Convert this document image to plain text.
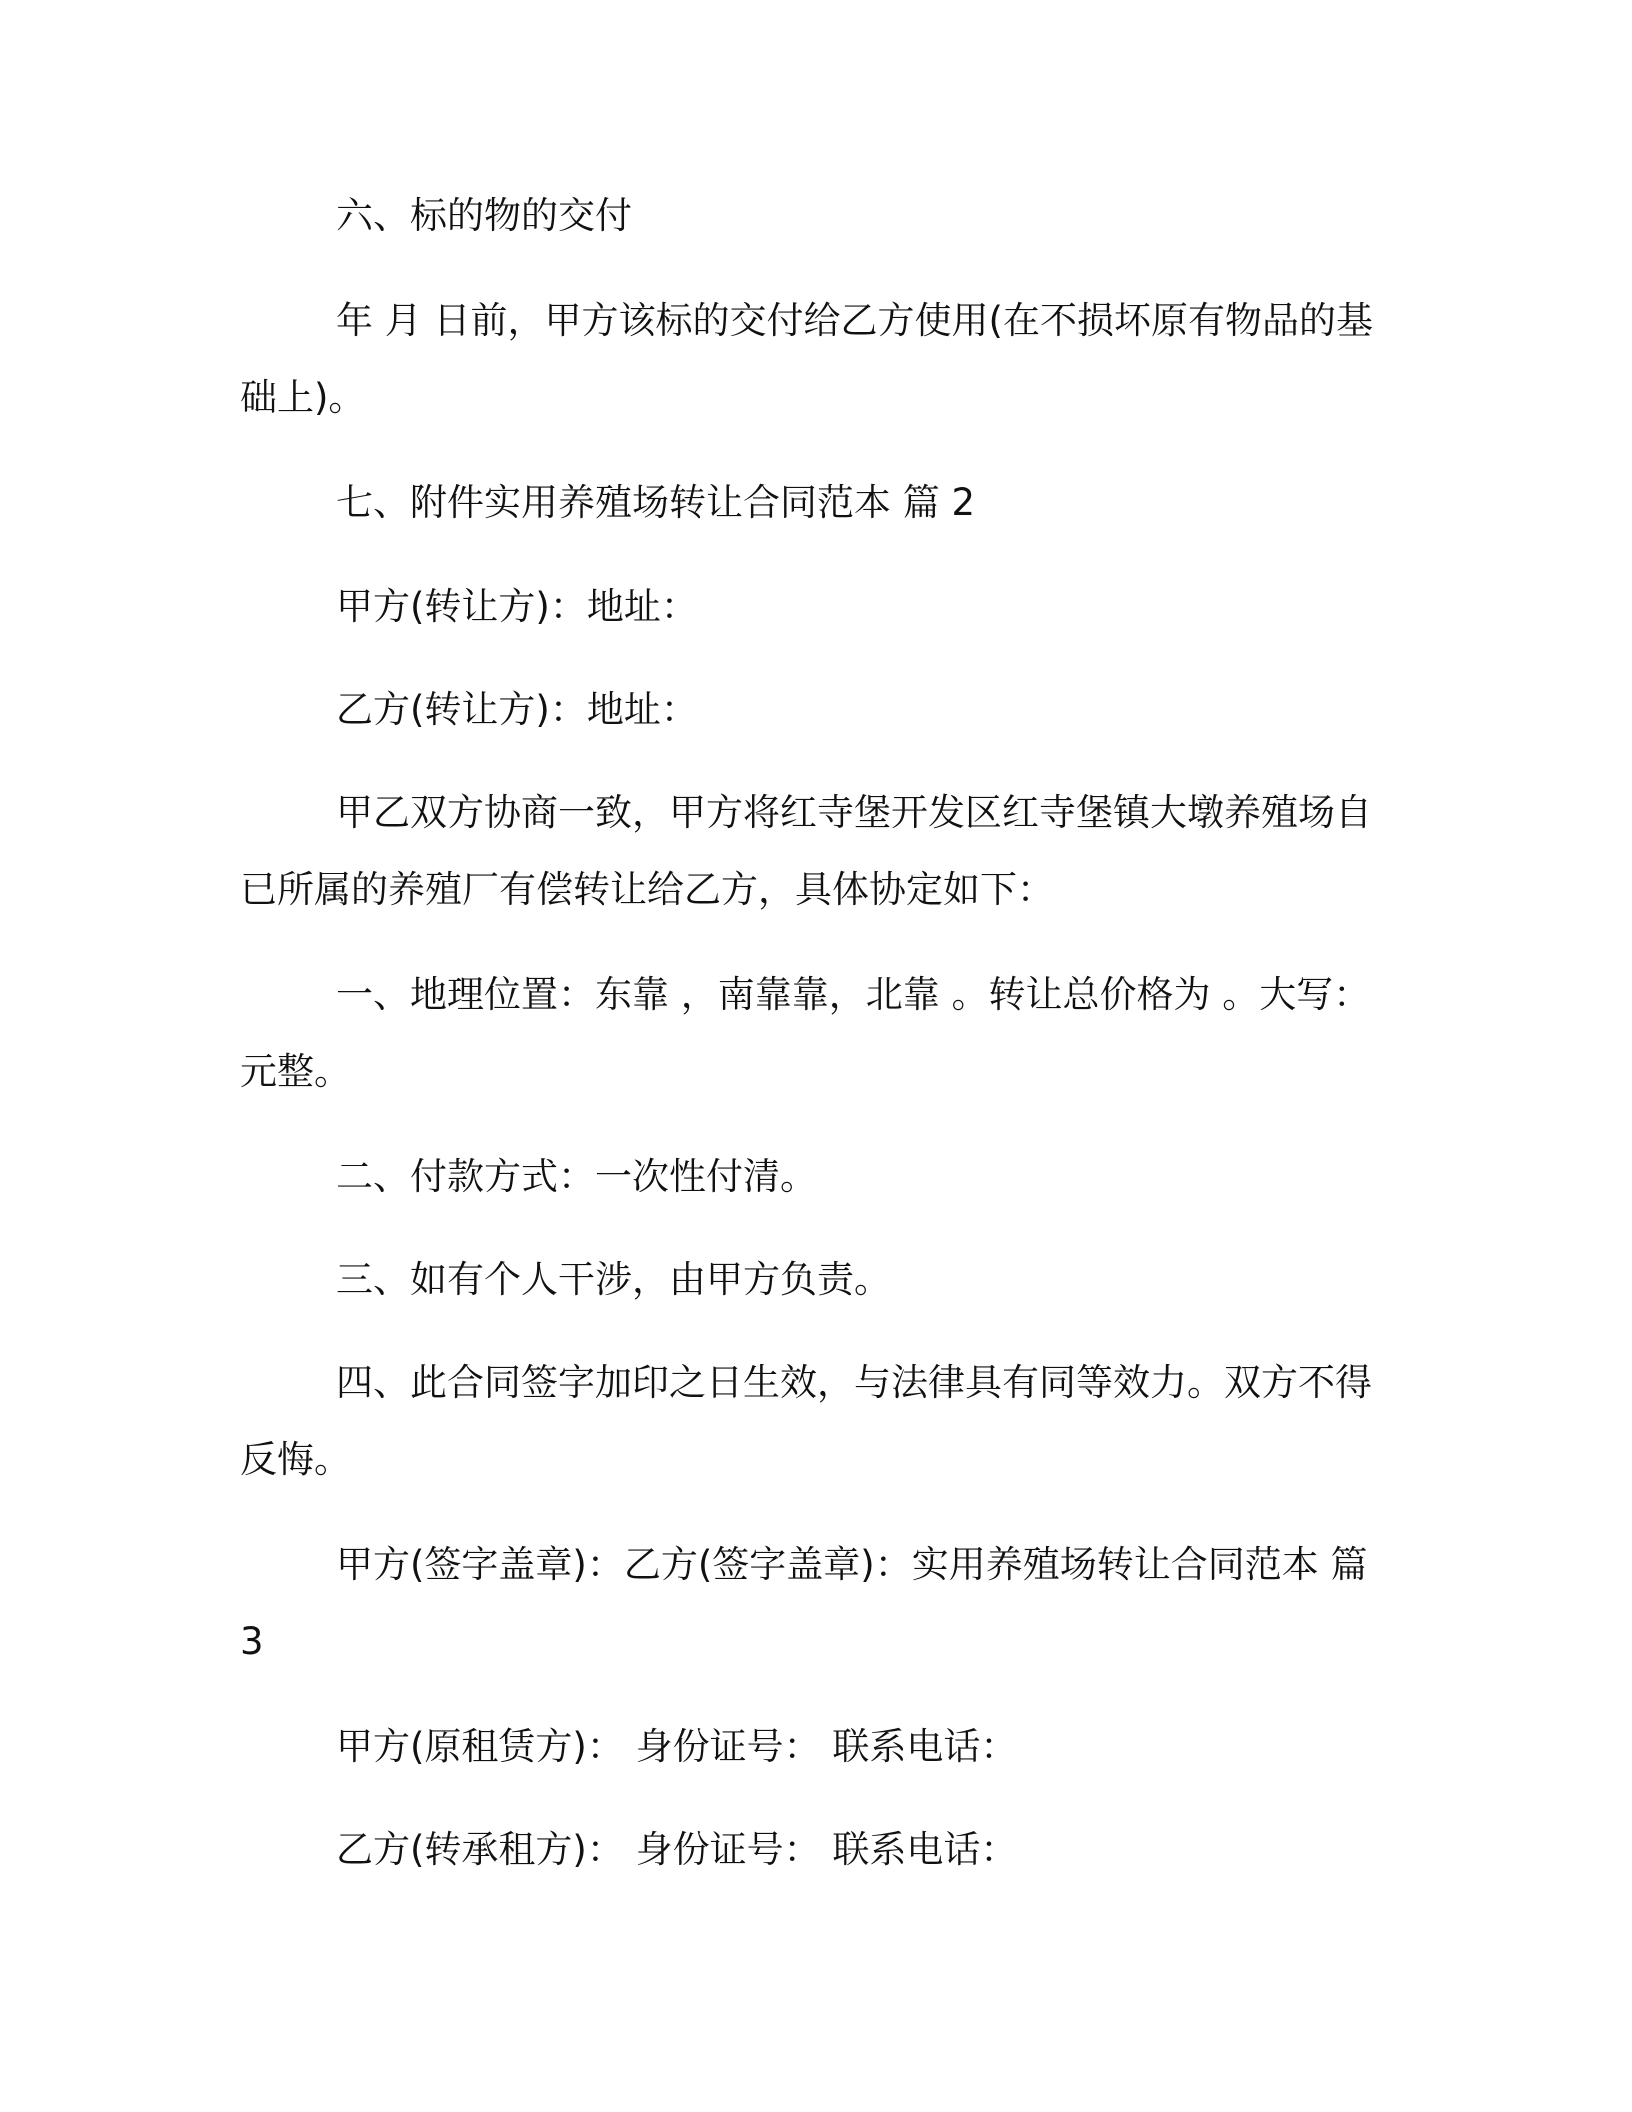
六、标的物的交付
年 月 日前，甲方该标的交付给乙方使用(在不损坏原有物品的基
础上)。
七、附件实用养殖场转让合同范本 篇 2
甲方(转让方)：地址：
乙方(转让方)：地址：
甲乙双方协商一致，甲方将红寺堡开发区红寺堡镇大墩养殖场自
已所属的养殖厂有偿转让给乙方，具体协定如下：
一、地理位置：东靠 ，南靠靠，北靠 。转让总价格为 。大写：
元整。
二、付款方式：一次性付清。
三、如有个人干涉，由甲方负责。
四、此合同签字加印之日生效，与法律具有同等效力。双方不得
反悔。
甲方(签字盖章)：乙方(签字盖章)：实用养殖场转让合同范本 篇
3
甲方(原租赁方)： 身份证号： 联系电话：
乙方(转承租方)： 身份证号： 联系电话：
